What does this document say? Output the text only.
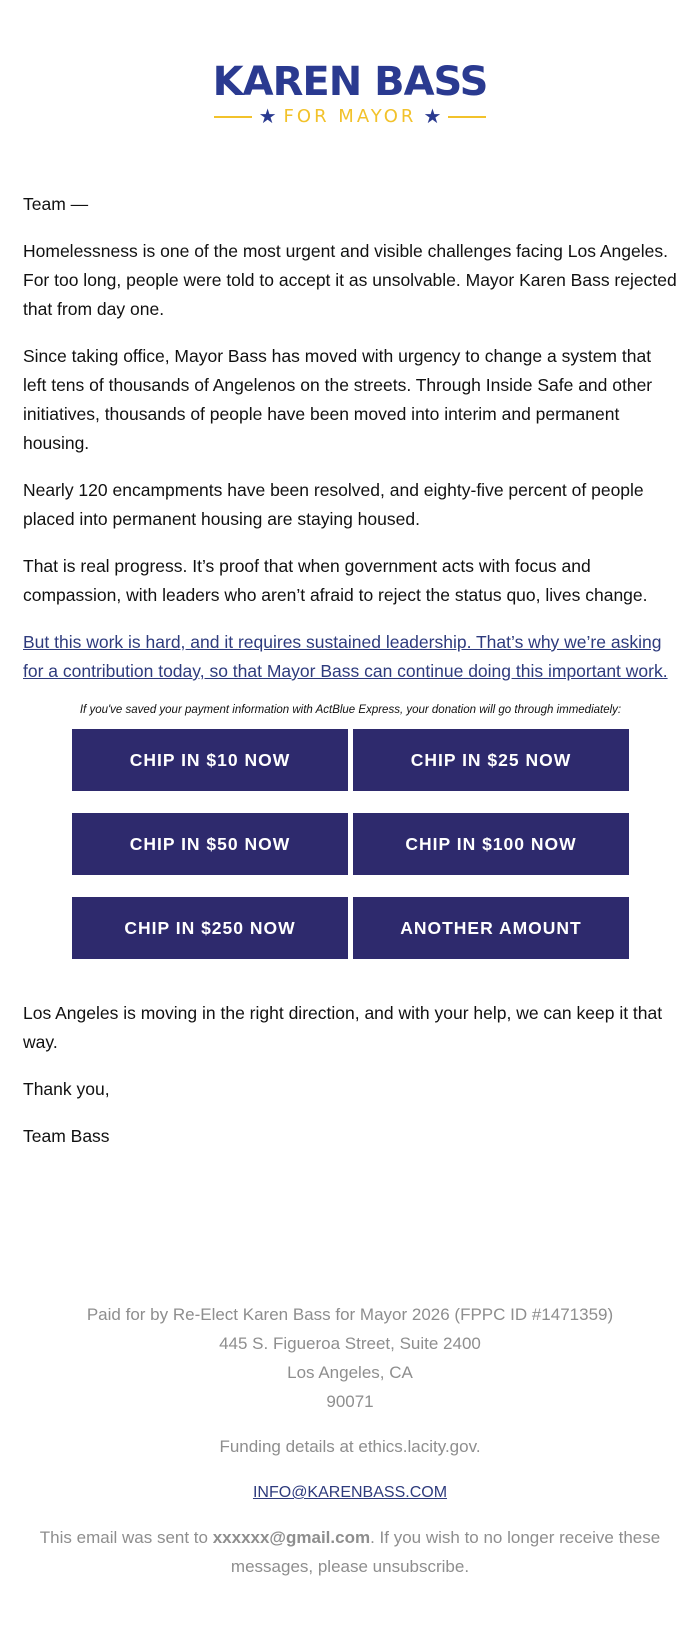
KAREN BASS
★ FOR MAYOR ★

Team —

Homelessness is one of the most urgent and visible challenges facing Los Angeles. For too long, people were told to accept it as unsolvable. Mayor Karen Bass rejected that from day one.

Since taking office, Mayor Bass has moved with urgency to change a system that left tens of thousands of Angelenos on the streets. Through Inside Safe and other initiatives, thousands of people have been moved into interim and permanent housing.

Nearly 120 encampments have been resolved, and eighty-five percent of people placed into permanent housing are staying housed.

That is real progress. It’s proof that when government acts with focus and compassion, with leaders who aren’t afraid to reject the status quo, lives change.

But this work is hard, and it requires sustained leadership. That’s why we’re asking for a contribution today, so that Mayor Bass can continue doing this important work.

If you've saved your payment information with ActBlue Express, your donation will go through immediately:
CHIP IN $10 NOW	CHIP IN $25 NOW
CHIP IN $50 NOW	CHIP IN $100 NOW
CHIP IN $250 NOW	ANOTHER AMOUNT

Los Angeles is moving in the right direction, and with your help, we can keep it that way.

Thank you,

Team Bass

Paid for by Re-Elect Karen Bass for Mayor 2026 (FPPC ID #1471359)

445 S. Figueroa Street, Suite 2400

Los Angeles, CA

90071

Funding details at ethics.lacity.gov.

INFO@KARENBASS.COM

This email was sent to xxxxxx@gmail.com. If you wish to no longer receive these messages, please unsubscribe.
